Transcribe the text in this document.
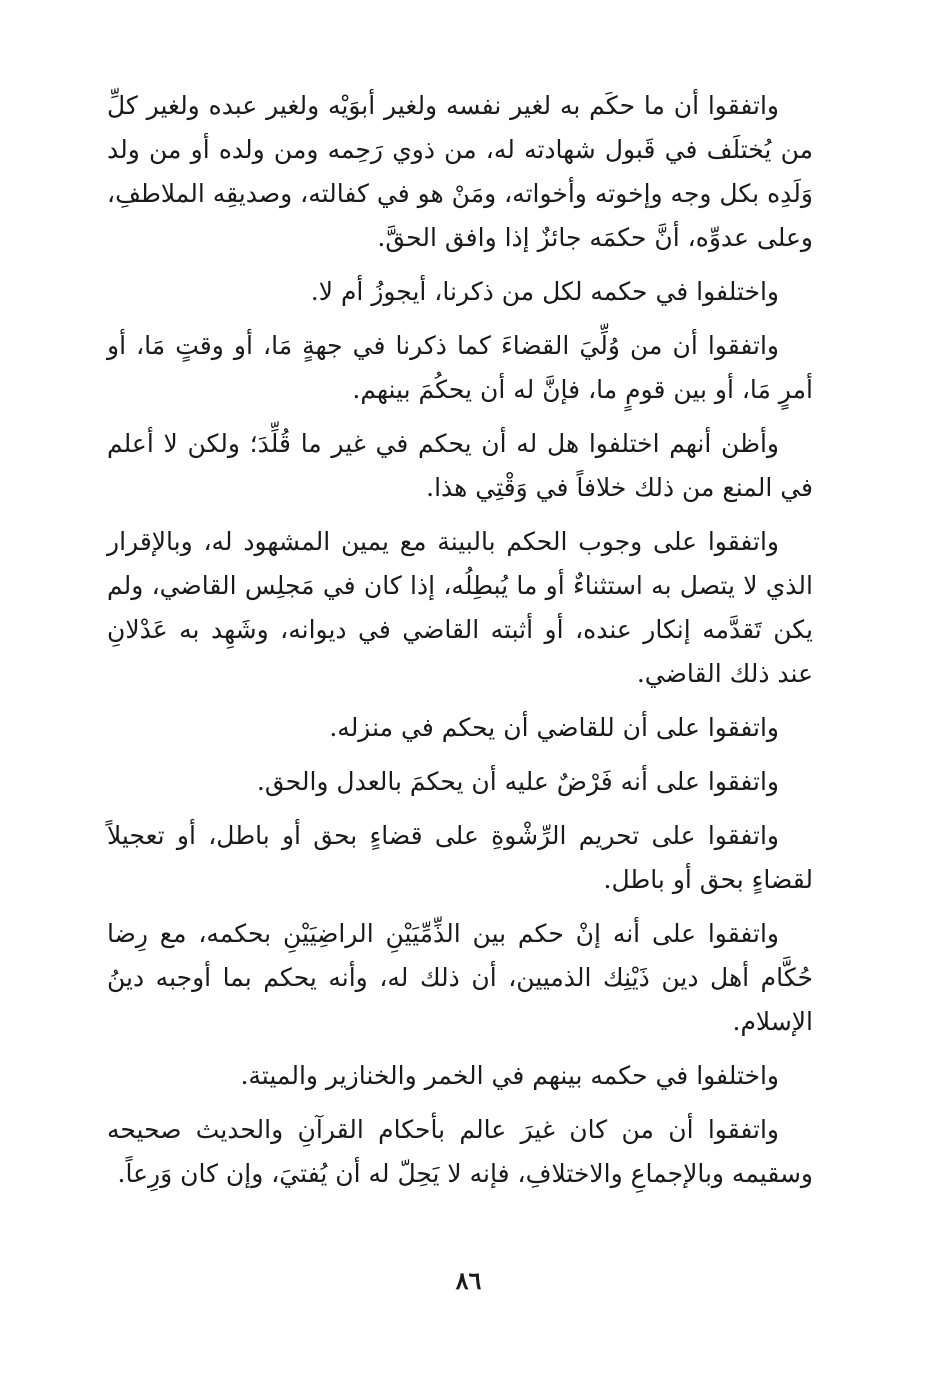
واتفقوا أن ما حكَم به لغير نفسه ولغير أبوَيْه ولغير عبده ولغير كلِّ من يُختلَف في قَبول شهادته له، من ذوي رَحِمه ومن ولده أو من ولد وَلَدِه بكل وجه وإخوته وأخواته، ومَنْ هو في كفالته، وصديقِه الملاطفِ، وعلى عدوِّه، أنَّ حكمَه جائزٌ إذا وافق الحقَّ.

واختلفوا في حكمه لكل من ذكرنا، أيجوزُ أم لا.

واتفقوا أن من وُلِّيَ القضاءَ كما ذكرنا في جهةٍ مَا، أو وقتٍ مَا، أو أمرٍ مَا، أو بين قومٍ ما، فإنَّ له أن يحكُمَ بينهم.

وأظن أنهم اختلفوا هل له أن يحكم في غير ما قُلِّدَ؛ ولكن لا أعلم في المنع من ذلك خلافاً في وَقْتِي هذا.

واتفقوا على وجوب الحكم بالبينة مع يمين المشهود له، وبالإقرار الذي لا يتصل به استثناءٌ أو ما يُبطِلُه، إذا كان في مَجلِس القاضي، ولم يكن تَقدَّمه إنكار عنده، أو أثبته القاضي في ديوانه، وشَهِد به عَدْلانِ عند ذلك القاضي.

واتفقوا على أن للقاضي أن يحكم في منزله.

واتفقوا على أنه فَرْضٌ عليه أن يحكمَ بالعدل والحق.

واتفقوا على تحريم الرِّشْوةِ على قضاءٍ بحق أو باطل، أو تعجيلاً لقضاءٍ بحق أو باطل.

واتفقوا على أنه إنْ حكم بين الذِّمِّيَيْنِ الراضِيَيْنِ بحكمه، مع رِضا حُكَّام أهل دين ذَيْنِك الذميين، أن ذلك له، وأنه يحكم بما أوجبه دينُ الإسلام.

واختلفوا في حكمه بينهم في الخمر والخنازير والميتة.

واتفقوا أن من كان غيرَ عالم بأحكام القرآنِ والحديث صحيحه وسقيمه وبالإجماعِ والاختلافِ، فإنه لا يَحِلّ له أن يُفتيَ، وإن كان وَرِعاً.

٨٦
